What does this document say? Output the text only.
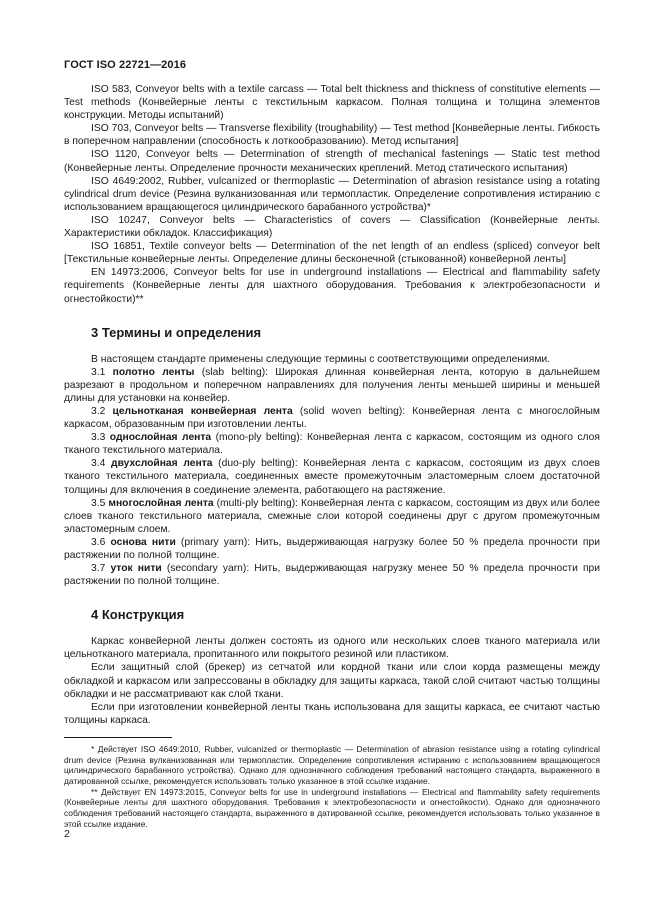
ГОСТ ISO 22721—2016

ISO 583, Conveyor belts with a textile carcass — Total belt thickness and thickness of constitutive elements — Test methods (Конвейерные ленты с текстильным каркасом. Полная толщина и толщина элементов конструкции. Методы испытаний)

ISO 703, Conveyor belts — Transverse flexibility (troughability) — Test method [Конвейерные ленты. Гибкость в поперечном направлении (способность к лоткообразованию). Метод испытания]

ISO 1120, Conveyor belts — Determination of strength of mechanical fastenings — Static test method (Конвейерные ленты. Определение прочности механических креплений. Метод статического испытания)

ISO 4649:2002, Rubber, vulcanized or thermoplastic — Determination of abrasion resistance using a rotating cylindrical drum device (Резина вулканизованная или термопластик. Определение сопротивления истиранию с использованием вращающегося цилиндрического барабанного устройства)*

ISO 10247, Conveyor belts — Characteristics of covers — Classification (Конвейерные ленты. Характеристики обкладок. Классификация)

ISO 16851, Textile conveyor belts — Determination of the net length of an endless (spliced) conveyor belt [Текстильные конвейерные ленты. Определение длины бесконечной (стыкованной) конвейерной ленты]

EN 14973:2006, Conveyor belts for use in underground installations — Electrical and flammability safety requirements (Конвейерные ленты для шахтного оборудования. Требования к электробезопасности и огнестойкости)**

3 Термины и определения

В настоящем стандарте применены следующие термины с соответствующими определениями.

3.1 полотно ленты (slab belting): Широкая длинная конвейерная лента, которую в дальнейшем разрезают в продольном и поперечном направлениях для получения ленты меньшей ширины и меньшей длины для установки на конвейер.

3.2 цельнотканая конвейерная лента (solid woven belting): Конвейерная лента с многослойным каркасом, образованным при изготовлении ленты.

3.3 однослойная лента (mono-ply belting): Конвейерная лента с каркасом, состоящим из одного слоя тканого текстильного материала.

3.4 двухслойная лента (duo-ply belting): Конвейерная лента с каркасом, состоящим из двух слоев тканого текстильного материала, соединенных вместе промежуточным эластомерным слоем достаточной толщины для включения в соединение элемента, работающего на растяжение.

3.5 многослойная лента (multi-ply belting): Конвейерная лента с каркасом, состоящим из двух или более слоев тканого текстильного материала, смежные слои которой соединены друг с другом промежуточным эластомерным слоем.

3.6 основа нити (primary yarn): Нить, выдерживающая нагрузку более 50 % предела прочности при растяжении по полной толщине.

3.7 уток нити (secondary yarn): Нить, выдерживающая нагрузку менее 50 % предела прочности при растяжении по полной толщине.

4 Конструкция

Каркас конвейерной ленты должен состоять из одного или нескольких слоев тканого материала или цельнотканого материала, пропитанного или покрытого резиной или пластиком.

Если защитный слой (брекер) из сетчатой или кордной ткани или слои корда размещены между обкладкой и каркасом или запрессованы в обкладку для защиты каркаса, такой слой считают частью толщины обкладки и не рассматривают как слой ткани.

Если при изготовлении конвейерной ленты ткань использована для защиты каркаса, ее считают частью толщины каркаса.

* Действует ISO 4649:2010, Rubber, vulcanized or thermoplastic — Determination of abrasion resistance using a rotating cylindrical drum device (Резина вулканизованная или термопластик. Определение сопротивления истиранию с использованием вращающегося цилиндрического барабанного устройства). Однако для однозначного соблюдения требований настоящего стандарта, выраженного в датированной ссылке, рекомендуется использовать только указанное в этой ссылке издание.

** Действует EN 14973:2015, Conveyor belts for use in underground installations — Electrical and flammability safety requirements (Конвейерные ленты для шахтного оборудования. Требования к электробезопасности и огнестойкости). Однако для однозначного соблюдения требований настоящего стандарта, выраженного в датированной ссылке, рекомендуется использовать только указанное в этой ссылке издание.

2
